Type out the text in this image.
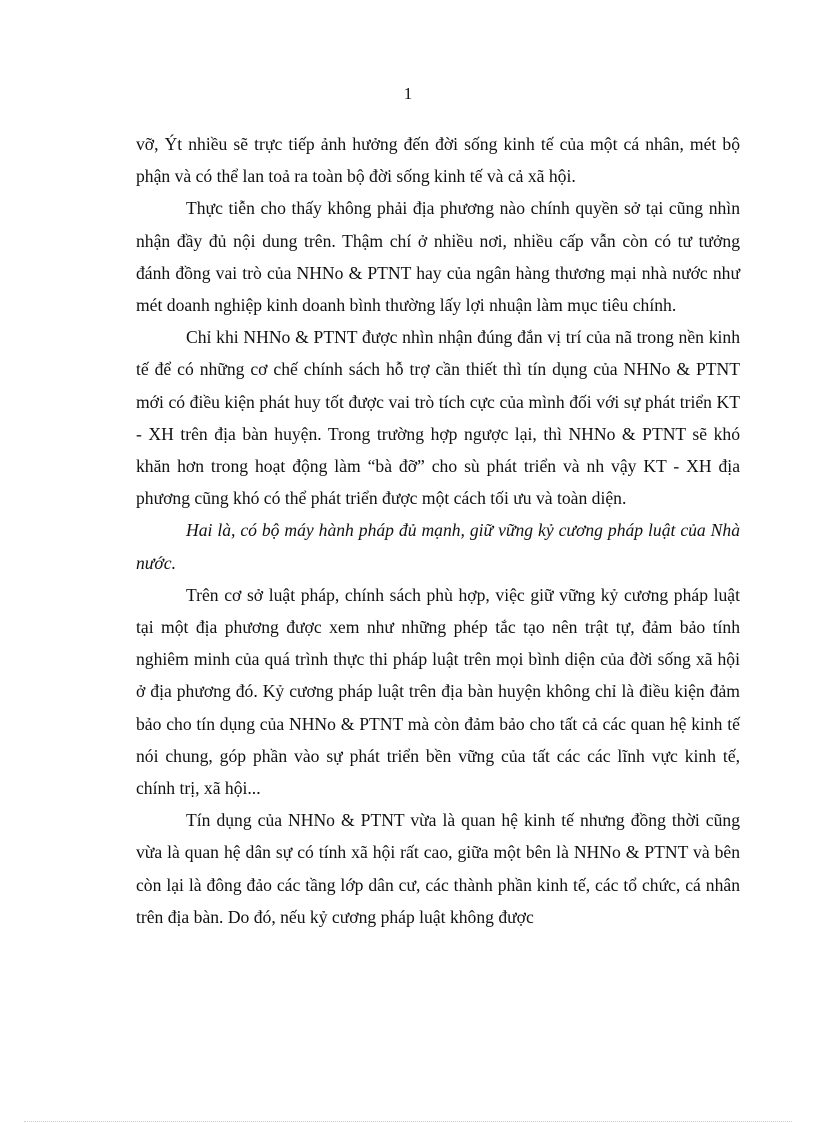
1

vỡ, Ýt nhiều sẽ trực tiếp ảnh hưởng đến đời sống kinh tế của một cá nhân, mét bộ phận và có thể lan toả ra toàn bộ đời sống kinh tế và cả xã hội.

Thực tiễn cho thấy không phải địa phương nào chính quyền sở tại cũng nhìn nhận đầy đủ nội dung trên. Thậm chí ở nhiều nơi, nhiều cấp vẫn còn có tư tưởng đánh đồng vai trò của NHNo & PTNT hay của ngân hàng thương mại nhà nước như mét doanh nghiệp kinh doanh bình thường lấy lợi nhuận làm mục tiêu chính.

Chỉ khi NHNo & PTNT được nhìn nhận đúng đắn vị trí của nã trong nền kinh tế để có những cơ chế chính sách hỗ trợ cần thiết thì tín dụng của NHNo & PTNT mới có điều kiện phát huy tốt được vai trò tích cực của mình đối với sự phát triển KT - XH trên địa bàn huyện. Trong trường hợp ngược lại, thì NHNo & PTNT sẽ khó khăn hơn trong hoạt động làm “bà đỡ” cho sù phát triển và nh vậy KT - XH địa phương cũng khó có thể phát triển được một cách tối ưu và toàn diện.

Hai là, có bộ máy hành pháp đủ mạnh, giữ vững kỷ cương pháp luật của Nhà nước.

Trên cơ sở luật pháp, chính sách phù hợp, việc giữ vững kỷ cương pháp luật tại một địa phương được xem như những phép tắc tạo nên trật tự, đảm bảo tính nghiêm minh của quá trình thực thi pháp luật trên mọi bình diện của đời sống xã hội ở địa phương đó. Kỷ cương pháp luật trên địa bàn huyện không chỉ là điều kiện đảm bảo cho tín dụng của NHNo & PTNT mà còn đảm bảo cho tất cả các quan hệ kinh tế nói chung, góp phần vào sự phát triển bền vững của tất các các lĩnh vực kinh tế, chính trị, xã hội...

Tín dụng của NHNo & PTNT vừa là quan hệ kinh tế nhưng đồng thời cũng vừa là quan hệ dân sự có tính xã hội rất cao, giữa một bên là NHNo & PTNT và bên còn lại là đông đảo các tầng lớp dân cư, các thành phần kinh tế, các tổ chức, cá nhân trên địa bàn. Do đó, nếu kỷ cương pháp luật không được
